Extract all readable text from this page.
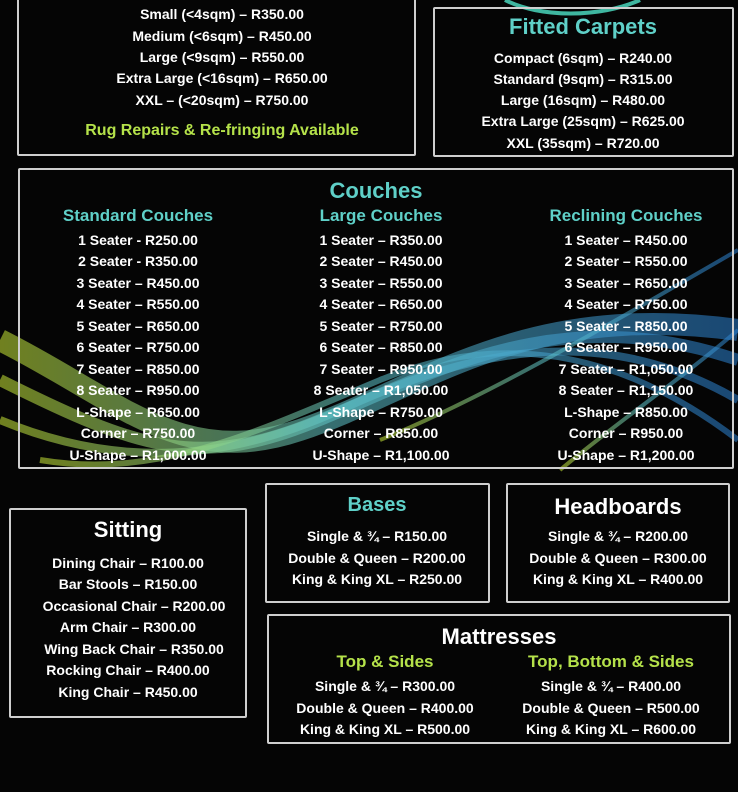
Small (<4sqm) – R350.00
Medium (<6sqm) – R450.00
Large (<9sqm) – R550.00
Extra Large (<16sqm) – R650.00
XXL – (<20sqm) – R750.00
Rug Repairs & Re-fringing Available
Fitted Carpets
Compact (6sqm) – R240.00
Standard (9sqm) – R315.00
Large (16sqm) – R480.00
Extra Large (25sqm) – R625.00
XXL (35sqm) – R720.00
Couches
Standard Couches
1 Seater - R250.00
2 Seater - R350.00
3 Seater – R450.00
4 Seater – R550.00
5 Seater – R650.00
6 Seater – R750.00
7 Seater – R850.00
8 Seater – R950.00
L-Shape – R650.00
Corner – R750.00
U-Shape – R1,000.00
Large Couches
1 Seater – R350.00
2 Seater – R450.00
3 Seater – R550.00
4 Seater – R650.00
5 Seater – R750.00
6 Seater – R850.00
7 Seater – R950.00
8 Seater – R1,050.00
L-Shape – R750.00
Corner – R850.00
U-Shape – R1,100.00
Reclining Couches
1 Seater – R450.00
2 Seater – R550.00
3 Seater – R650.00
4 Seater – R750.00
5 Seater – R850.00
6 Seater – R950.00
7 Seater – R1,050.00
8 Seater – R1,150.00
L-Shape – R850.00
Corner – R950.00
U-Shape – R1,200.00
Sitting
Dining Chair – R100.00
Bar Stools – R150.00
Occasional Chair – R200.00
Arm Chair – R300.00
Wing Back Chair – R350.00
Rocking Chair – R400.00
King Chair – R450.00
Bases
Single & ¾ – R150.00
Double & Queen – R200.00
King & King XL – R250.00
Headboards
Single & ¾ – R200.00
Double & Queen – R300.00
King & King XL – R400.00
Mattresses
Top & Sides
Single & ¾ – R300.00
Double & Queen – R400.00
King & King XL – R500.00
Top, Bottom & Sides
Single & ¾ – R400.00
Double & Queen – R500.00
King & King XL – R600.00
